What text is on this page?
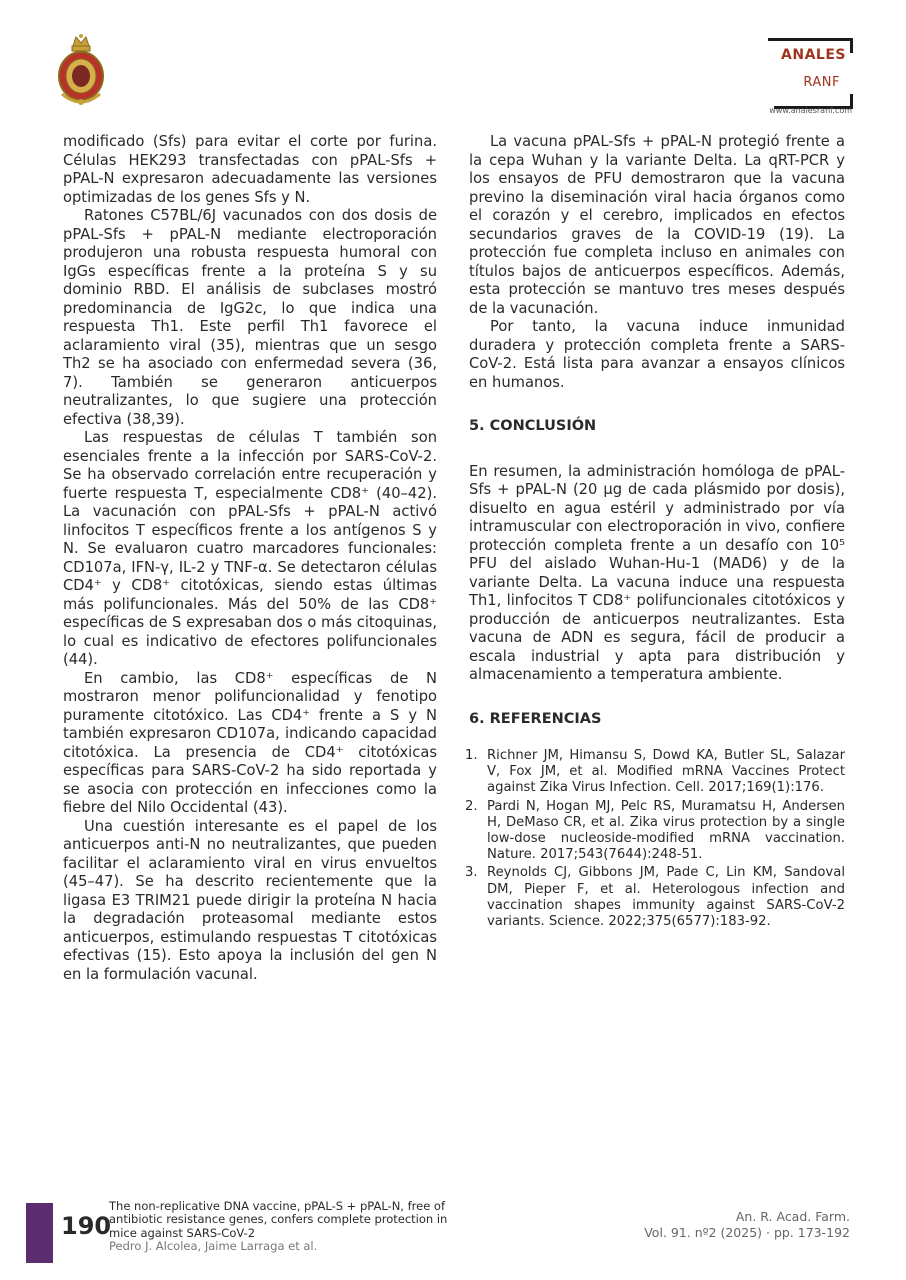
ANALES
RANF
www.analesranf.com

modificado (Sfs) para evitar el corte por furina. Células HEK293 transfectadas con pPAL-Sfs + pPAL-N expresaron adecuadamente las versiones optimizadas de los genes Sfs y N.

Ratones C57BL/6J vacunados con dos dosis de pPAL-Sfs + pPAL-N mediante electroporación produjeron una robusta respuesta humoral con IgGs específicas frente a la proteína S y su dominio RBD. El análisis de subclases mostró predominancia de IgG2c, lo que indica una respuesta Th1. Este perfil Th1 favorece el aclaramiento viral (35), mientras que un sesgo Th2 se ha asociado con enfermedad severa (36, 7). También se generaron anticuerpos neutralizantes, lo que sugiere una protección efectiva (38,39).

Las respuestas de células T también son esenciales frente a la infección por SARS-CoV-2. Se ha observado correlación entre recuperación y fuerte respuesta T, especialmente CD8⁺ (40–42). La vacunación con pPAL-Sfs + pPAL-N activó linfocitos T específicos frente a los antígenos S y N. Se evaluaron cuatro marcadores funcionales: CD107a, IFN-γ, IL-2 y TNF-α. Se detectaron células CD4⁺ y CD8⁺ citotóxicas, siendo estas últimas más polifuncionales. Más del 50% de las CD8⁺ específicas de S expresaban dos o más citoquinas, lo cual es indicativo de efectores polifuncionales (44).

En cambio, las CD8⁺ específicas de N mostraron menor polifuncionalidad y fenotipo puramente citotóxico. Las CD4⁺ frente a S y N también expresaron CD107a, indicando capacidad citotóxica. La presencia de CD4⁺ citotóxicas específicas para SARS-CoV-2 ha sido reportada y se asocia con protección en infecciones como la fiebre del Nilo Occidental (43).

Una cuestión interesante es el papel de los anticuerpos anti-N no neutralizantes, que pueden facilitar el aclaramiento viral en virus envueltos (45–47). Se ha descrito recientemente que la ligasa E3 TRIM21 puede dirigir la proteína N hacia la degradación proteasomal mediante estos anticuerpos, estimulando respuestas T citotóxicas efectivas (15). Esto apoya la inclusión del gen N en la formulación vacunal.

La vacuna pPAL-Sfs + pPAL-N protegió frente a la cepa Wuhan y la variante Delta. La qRT-PCR y los ensayos de PFU demostraron que la vacuna previno la diseminación viral hacia órganos como el corazón y el cerebro, implicados en efectos secundarios graves de la COVID-19 (19). La protección fue completa incluso en animales con títulos bajos de anticuerpos específicos. Además, esta protección se mantuvo tres meses después de la vacunación.

Por tanto, la vacuna induce inmunidad duradera y protección completa frente a SARS-CoV-2. Está lista para avanzar a ensayos clínicos en humanos.

5. CONCLUSIÓN

En resumen, la administración homóloga de pPAL-Sfs + pPAL-N (20 µg de cada plásmido por dosis), disuelto en agua estéril y administrado por vía intramuscular con electroporación in vivo, confiere protección completa frente a un desafío con 10⁵ PFU del aislado Wuhan-Hu-1 (MAD6) y de la variante Delta. La vacuna induce una respuesta Th1, linfocitos T CD8⁺ polifuncionales citotóxicos y producción de anticuerpos neutralizantes. Esta vacuna de ADN es segura, fácil de producir a escala industrial y apta para distribución y almacenamiento a temperatura ambiente.

6. REFERENCIAS
1. Richner JM, Himansu S, Dowd KA, Butler SL, Salazar V, Fox JM, et al. Modified mRNA Vaccines Protect against Zika Virus Infection. Cell. 2017;169(1):176.
2. Pardi N, Hogan MJ, Pelc RS, Muramatsu H, Andersen H, DeMaso CR, et al. Zika virus protection by a single low-dose nucleoside-modified mRNA vaccination. Nature. 2017;543(7644):248-51.
3. Reynolds CJ, Gibbons JM, Pade C, Lin KM, Sandoval DM, Pieper F, et al. Heterologous infection and vaccination shapes immunity against SARS-CoV-2 variants. Science. 2022;375(6577):183-92.
190
The non-replicative DNA vaccine, pPAL-S + pPAL-N, free of antibiotic resistance genes, confers complete protection in mice against SARS-CoV-2
Pedro J. Alcolea, Jaime Larraga et al.
An. R. Acad. Farm.
Vol. 91. nº2 (2025) · pp. 173-192
